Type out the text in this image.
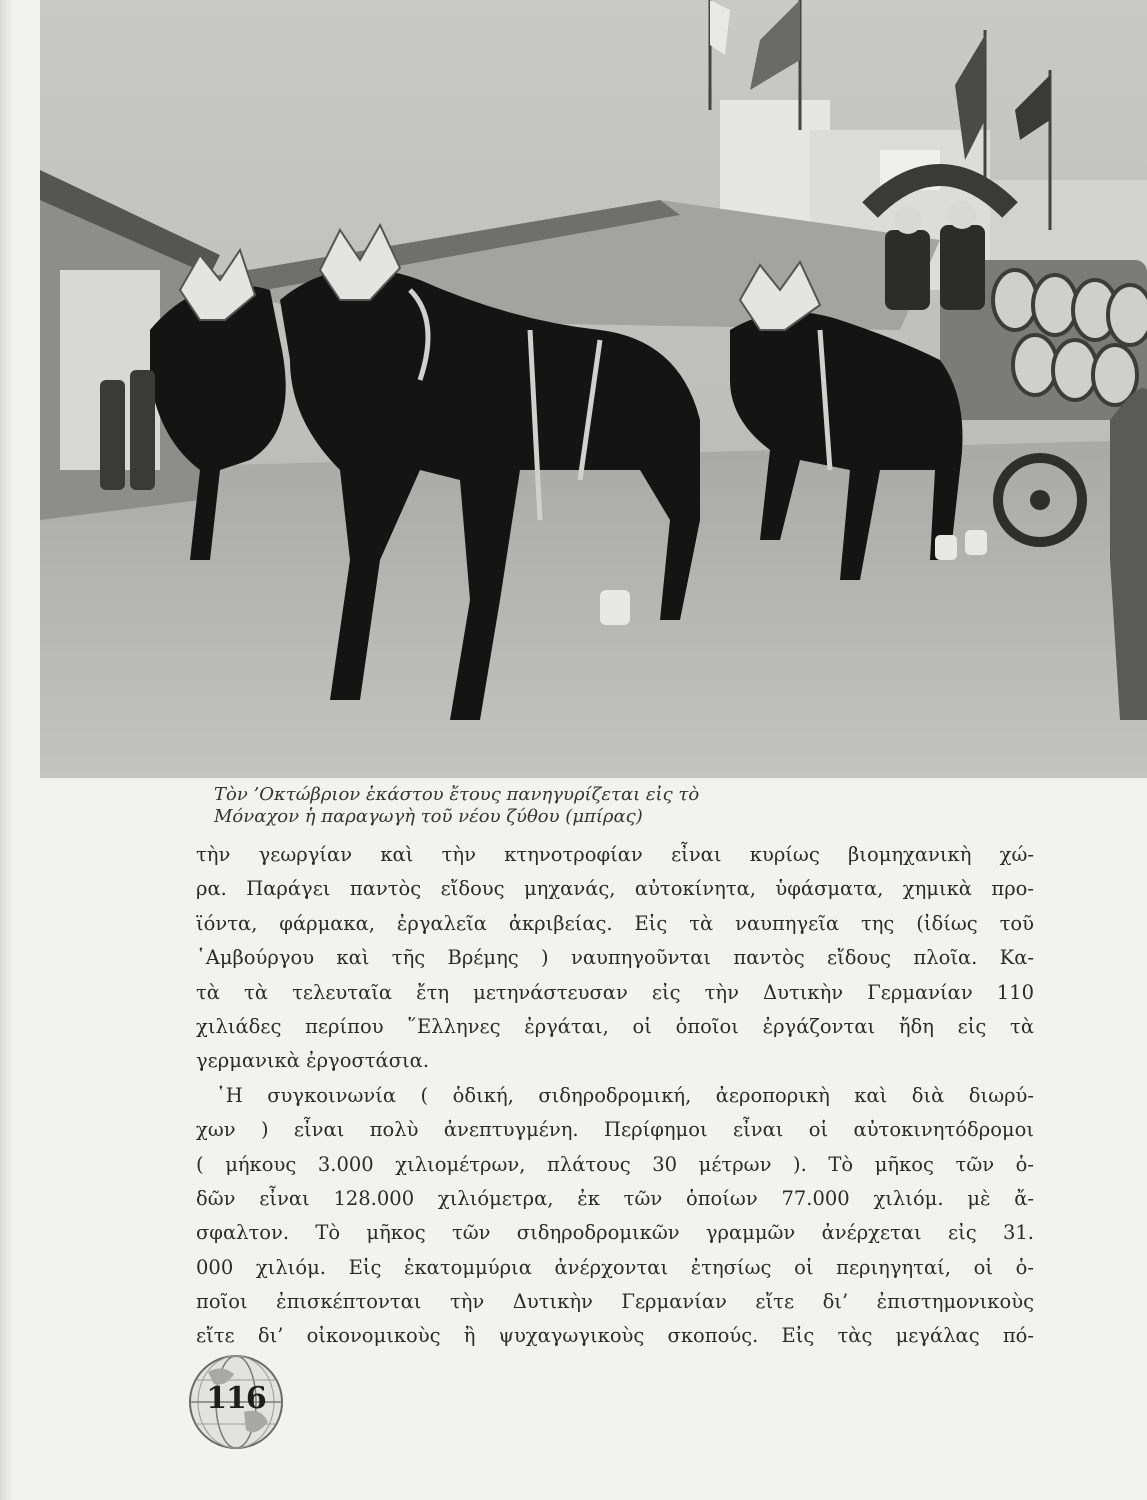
Τὸν ’Οκτώβριον ἑκάστου ἔτους πανηγυρίζεται εἰς τὸ
Μόναχον ἡ παραγωγὴ τοῦ νέου ζύθου (μπίρας)
τὴν γεωργίαν καὶ τὴν κτηνοτροφίαν εἶναι κυρίως βιομηχανικὴ χώ-
ρα. Παράγει παντὸς εἴδους μηχανάς, αὐτοκίνητα, ὑφάσματα, χημικὰ προ-
ϊόντα, φάρμακα, ἐργαλεῖα ἀκριβείας. Εἰς τὰ ναυπηγεῖα της (ἰδίως τοῦ
῾Αμβούργου καὶ τῆς Βρέμης ) ναυπηγοῦνται παντὸς εἴδους πλοῖα. Κα-
τὰ τὰ τελευταῖα ἔτη μετηνάστευσαν εἰς τὴν Δυτικὴν Γερμανίαν 110
χιλιάδες περίπου ῞Ελληνες ἐργάται, οἱ ὁποῖοι ἐργάζονται ἤδη εἰς τὰ
γερμανικὰ ἐργοστάσια.
῾Η συγκοινωνία ( ὁδική, σιδηροδρομική, ἀεροπορικὴ καὶ διὰ διωρύ-
χων ) εἶναι πολὺ ἀνεπτυγμένη. Περίφημοι εἶναι οἱ αὐτοκινητόδρομοι
( μήκους 3.000 χιλιομέτρων, πλάτους 30 μέτρων ). Τὸ μῆκος τῶν ὁ-
δῶν εἶναι 128.000 χιλιόμετρα, ἐκ τῶν ὁποίων 77.000 χιλιόμ. μὲ ἄ-
σφαλτον. Τὸ μῆκος τῶν σιδηροδρομικῶν γραμμῶν ἀνέρχεται εἰς 31.
000 χιλιόμ. Εἰς ἑκατομμύρια ἀνέρχονται ἐτησίως οἱ περιηγηταί, οἱ ὁ-
ποῖοι ἐπισκέπτονται τὴν Δυτικὴν Γερμανίαν εἴτε δι’ ἐπιστημονικοὺς
εἴτε δι’ οἰκονομικοὺς ἢ ψυχαγωγικοὺς σκοπούς. Εἰς τὰς μεγάλας πό-
116
